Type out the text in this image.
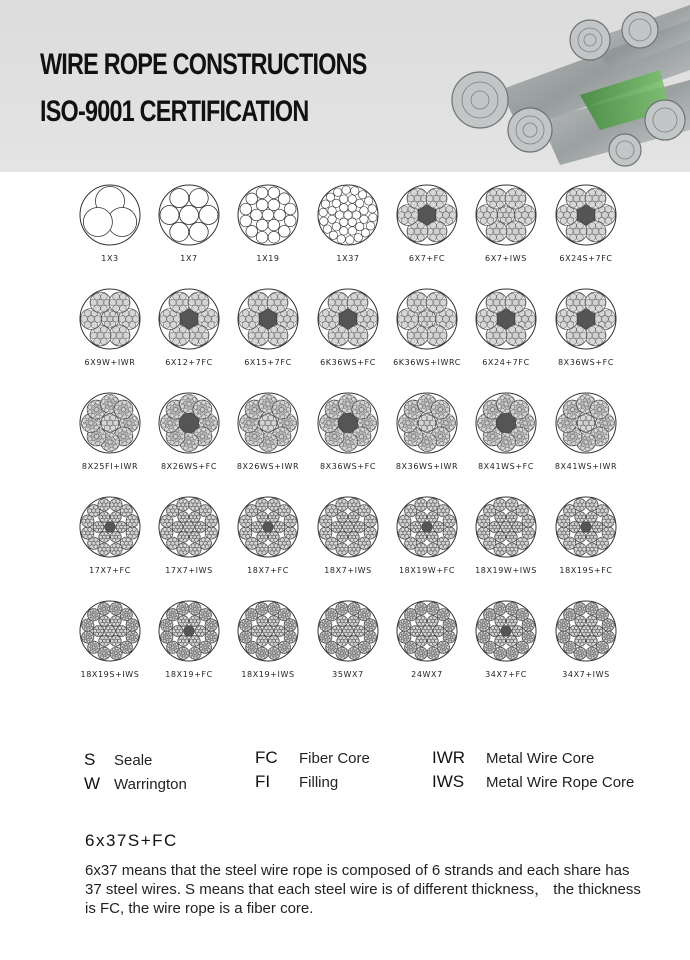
WIRE ROPE CONSTRUCTIONS
ISO-9001 CERTIFICATION
1X3	1X7	1X19	1X37	6X7+FC	6X7+IWS	6X24S+7FC
6X9W+IWR	6X12+7FC	6X15+7FC	6K36WS+FC	6K36WS+IWRC	6X24+7FC	8X36WS+FC
8X25FI+IWR	8X26WS+FC	8X26WS+IWR	8X36WS+FC	8X36WS+IWR	8X41WS+FC	8X41WS+IWR
17X7+FC	17X7+IWS	18X7+FC	18X7+IWS	18X19W+FC	18X19W+IWS	18X19S+FC
18X19S+IWS	18X19+FC	18X19+IWS	35WX7	24WX7	34X7+FC	34X7+IWS
S Seale
W Warrington
FC Fiber Core
FI Filling
IWR Metal Wire Core
IWS Metal Wire Rope Core
6x37S+FC

6x37 means that the steel wire rope is composed of 6 strands and each share has 37 steel wires. S means that each steel wire is of different thickness， the thickness is FC, the wire rope is a fiber core.
